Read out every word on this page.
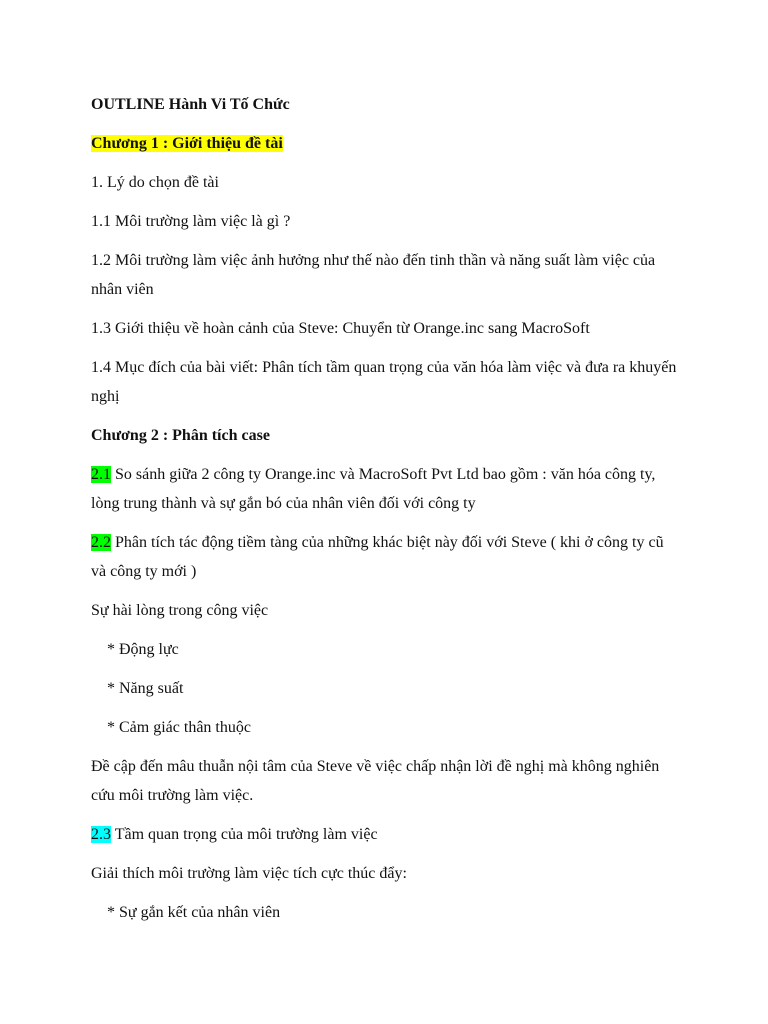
OUTLINE Hành Vi Tố Chức

Chương 1 : Giới thiệu đề tài

1. Lý do chọn đề tài

1.1 Môi trường làm việc là gì ?

1.2 Môi trường làm việc ảnh hưởng như thế nào đến tinh thần và năng suất làm việc của nhân viên

1.3 Giới thiệu về hoàn cảnh của Steve: Chuyển từ Orange.inc sang MacroSoft

1.4 Mục đích của bài viết: Phân tích tầm quan trọng của văn hóa làm việc và đưa ra khuyến nghị

Chương 2 : Phân tích case

2.1 So sánh giữa 2 công ty Orange.inc và MacroSoft Pvt Ltd bao gồm : văn hóa công ty, lòng trung thành và sự gắn bó của nhân viên đối với công ty

2.2 Phân tích tác động tiềm tàng của những khác biệt này đối với Steve ( khi ở công ty cũ và công ty mới )

Sự hài lòng trong công việc

* Động lực

* Năng suất

* Cảm giác thân thuộc

Đề cập đến mâu thuẫn nội tâm của Steve về việc chấp nhận lời đề nghị mà không nghiên cứu môi trường làm việc.

2.3 Tầm quan trọng của môi trường làm việc

Giải thích môi trường làm việc tích cực thúc đẩy:

* Sự gắn kết của nhân viên
